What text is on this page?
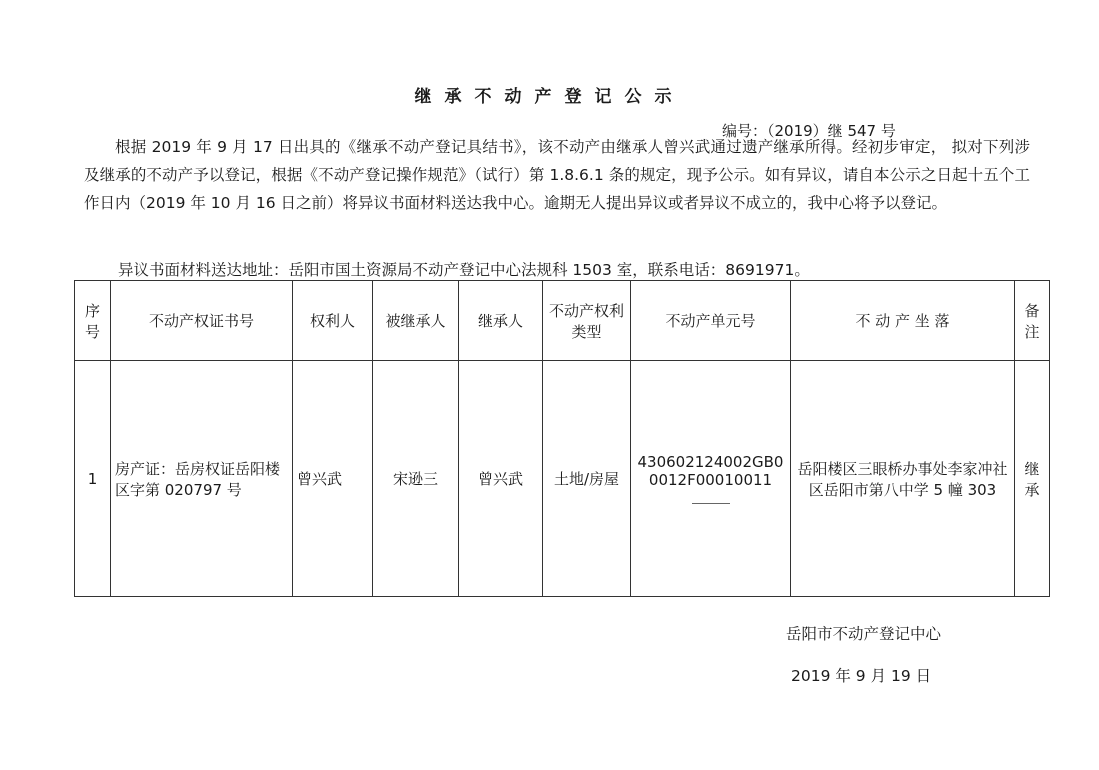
继承不动产登记公示
编号：（2019）继 547 号
根据 2019 年 9 月 17 日出具的《继承不动产登记具结书》，该不动产由继承人曾兴武通过遗产继承所得。经初步审定， 拟对下列涉及继承的不动产予以登记，根据《不动产登记操作规范》（试行）第 1.8.6.1 条的规定，现予公示。如有异议，请自本公示之日起十五个工作日内（2019 年 10 月 16 日之前）将异议书面材料送达我中心。逾期无人提出异议或者异议不成立的，我中心将予以登记。
异议书面材料送达地址：岳阳市国土资源局不动产登记中心法规科 1503 室，联系电话：8691971。
序号	不动产权证书号	权利人	被继承人	继承人	不动产权利类型	不动产单元号	不 动 产 坐 落	备注
1	房产证：岳房权证岳阳楼区字第 020797 号	曾兴武	宋逊三	曾兴武	土地/房屋	430602124002GB00012F00010011	岳阳楼区三眼桥办事处李家冲社区岳阳市第八中学 5 幢 303	继承
岳阳市不动产登记中心
2019 年 9 月 19 日
